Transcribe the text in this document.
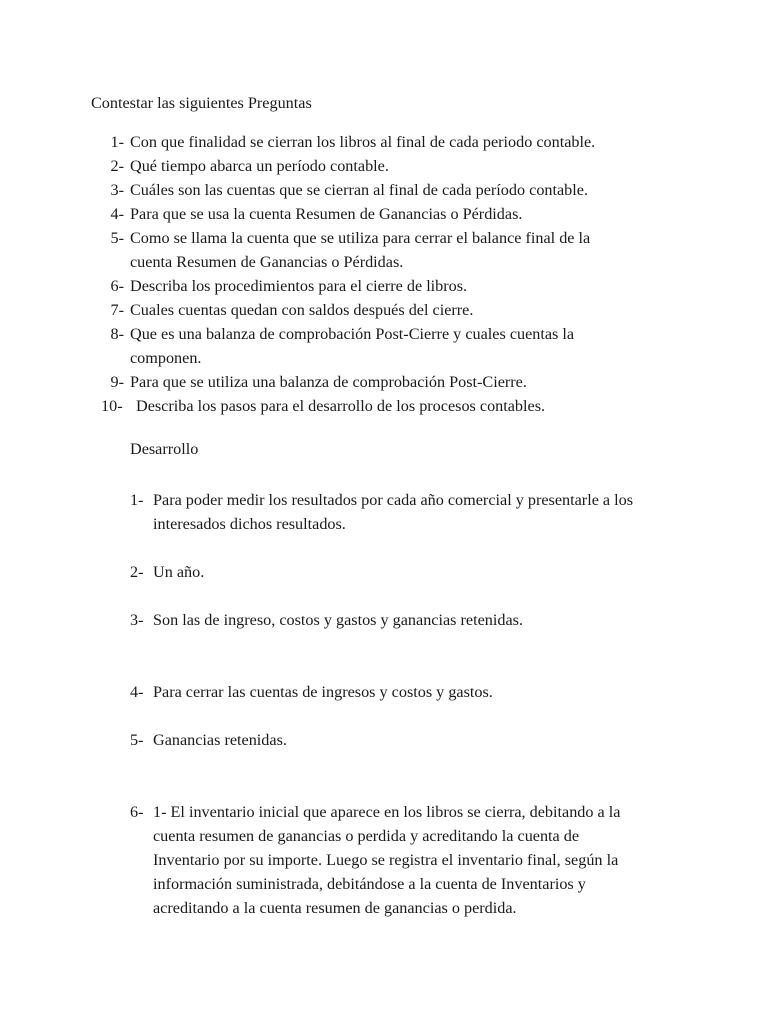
Contestar las siguientes Preguntas
1- Con que finalidad se cierran los libros al final de cada periodo contable.
2- Qué tiempo abarca un período contable.
3- Cuáles son las cuentas que se cierran al final de cada período contable.
4- Para que se usa la cuenta Resumen de Ganancias o Pérdidas.
5- Como se llama la cuenta que se utiliza para cerrar el balance final de la
cuenta Resumen de Ganancias o Pérdidas.
6- Describa los procedimientos para el cierre de libros.
7- Cuales cuentas quedan con saldos después del cierre.
8- Que es una balanza de comprobación Post-Cierre y cuales cuentas la
componen.
9- Para que se utiliza una balanza de comprobación Post-Cierre.
10- Describa los pasos para el desarrollo de los procesos contables.
Desarrollo
1- Para poder medir los resultados por cada año comercial y presentarle a los
interesados dichos resultados.
2- Un año.
3- Son las de ingreso, costos y gastos y ganancias retenidas.
4- Para cerrar las cuentas de ingresos y costos y gastos.
5- Ganancias retenidas.
6- 1- El inventario inicial que aparece en los libros se cierra, debitando a la
cuenta resumen de ganancias o perdida y acreditando la cuenta de
Inventario por su importe. Luego se registra el inventario final, según la
información suministrada, debitándose a la cuenta de Inventarios y
acreditando a la cuenta resumen de ganancias o perdida.
